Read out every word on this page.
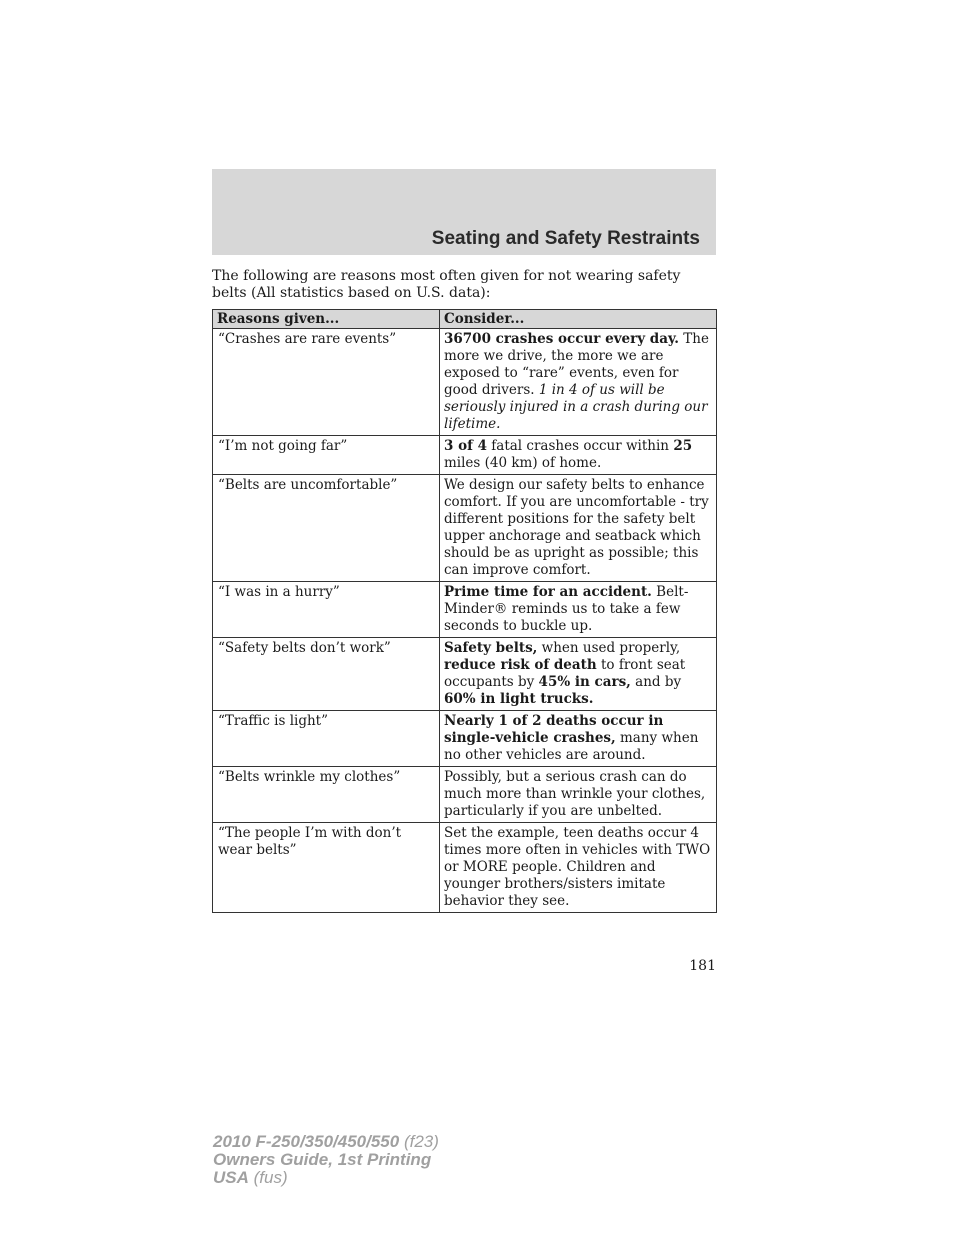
Seating and Safety Restraints

The following are reasons most often given for not wearing safety belts (All statistics based on U.S. data):

Reasons given...	Consider...
“Crashes are rare events”	36700 crashes occur every day. The more we drive, the more we are exposed to “rare” events, even for good drivers. 1 in 4 of us will be seriously injured in a crash during our lifetime.
“I’m not going far”	3 of 4 fatal crashes occur within 25 miles (40 km) of home.
“Belts are uncomfortable”	We design our safety belts to enhance comfort. If you are uncomfortable - try different positions for the safety belt upper anchorage and seatback which should be as upright as possible; this can improve comfort.
“I was in a hurry”	Prime time for an accident. Belt-Minder® reminds us to take a few seconds to buckle up.
“Safety belts don’t work”	Safety belts, when used properly, reduce risk of death to front seat occupants by 45% in cars, and by 60% in light trucks.
“Traffic is light”	Nearly 1 of 2 deaths occur in single-vehicle crashes, many when no other vehicles are around.
“Belts wrinkle my clothes”	Possibly, but a serious crash can do much more than wrinkle your clothes, particularly if you are unbelted.
“The people I’m with don’t wear belts”	Set the example, teen deaths occur 4 times more often in vehicles with TWO or MORE people. Children and younger brothers/sisters imitate behavior they see.
181
2010 F-250/350/450/550 (f23)
Owners Guide, 1st Printing
USA (fus)
